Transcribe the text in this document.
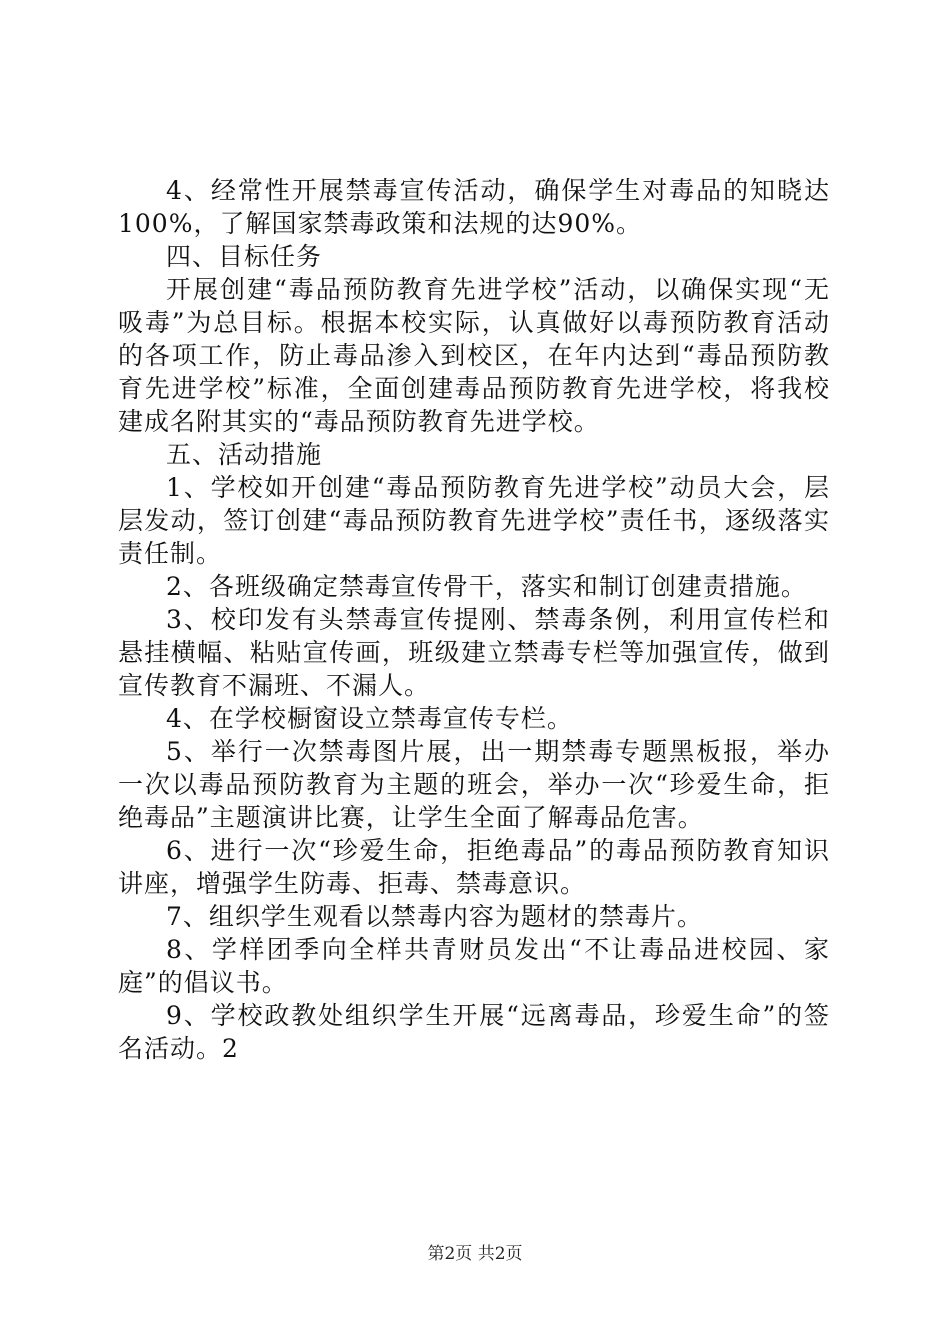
4、经常性开展禁毒宣传活动，确保学生对毒品的知晓达100%，了解国家禁毒政策和法规的达90%。

四、目标任务

开展创建“毒品预防教育先进学校”活动，以确保实现“无吸毒”为总目标。根据本校实际，认真做好以毒预防教育活动的各项工作，防止毒品渗入到校区，在年内达到“毒品预防教育先进学校”标准，全面创建毒品预防教育先进学校，将我校建成名附其实的“毒品预防教育先进学校。

五、活动措施

1、学校如开创建“毒品预防教育先进学校”动员大会，层层发动，签订创建“毒品预防教育先进学校”责任书，逐级落实责任制。

2、各班级确定禁毒宣传骨干，落实和制订创建责措施。

3、校印发有头禁毒宣传提刚、禁毒条例，利用宣传栏和悬挂横幅、粘贴宣传画，班级建立禁毒专栏等加强宣传，做到宣传教育不漏班、不漏人。

4、在学校橱窗设立禁毒宣传专栏。

5、举行一次禁毒图片展，出一期禁毒专题黑板报，举办一次以毒品预防教育为主题的班会，举办一次“珍爱生命，拒绝毒品”主题演讲比赛，让学生全面了解毒品危害。

6、进行一次“珍爱生命，拒绝毒品”的毒品预防教育知识讲座，增强学生防毒、拒毒、禁毒意识。

7、组织学生观看以禁毒内容为题材的禁毒片。

8、学样团季向全样共青财员发出“不让毒品进校园、家庭”的倡议书。

9、学校政教处组织学生开展“远离毒品，珍爱生命”的签名活动。2

第2页 共2页
